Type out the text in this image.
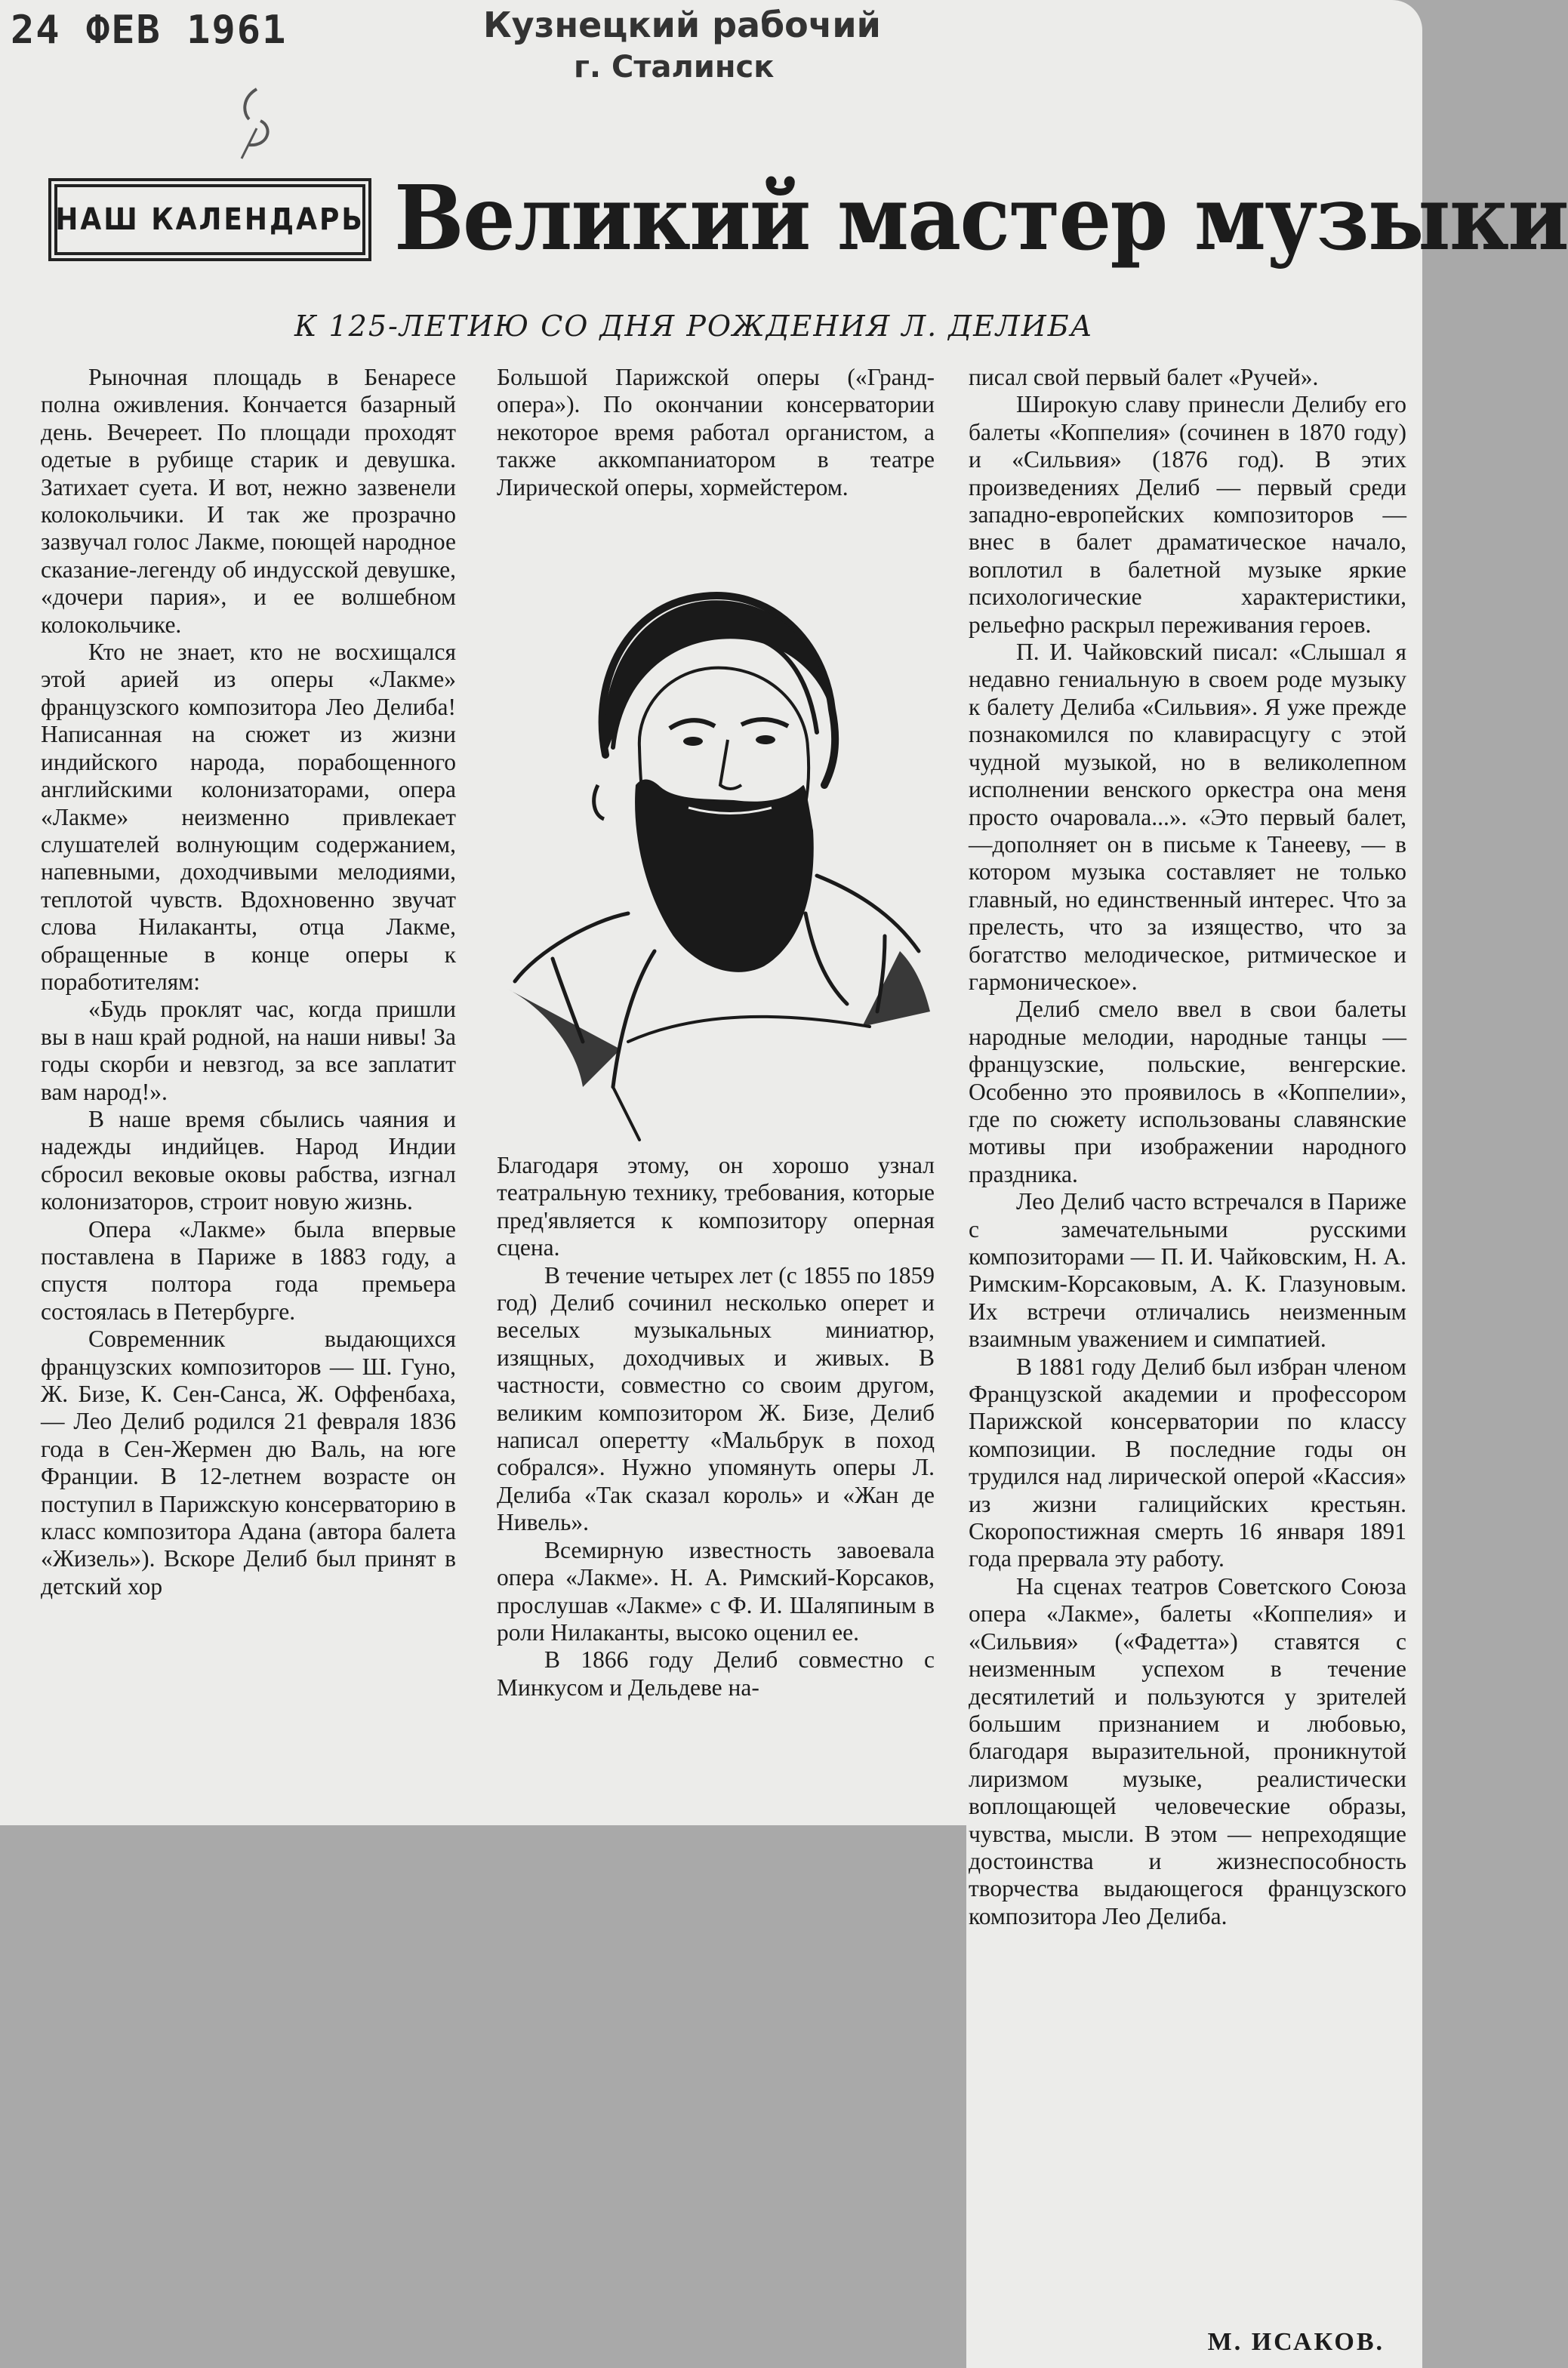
24 ФЕВ 1961	Кузнецкий рабочий
г. Сталинск
НАШ КАЛЕНДАРЬ Великий мастер музыки
К 125-ЛЕТИЮ СО ДНЯ РОЖДЕНИЯ Л. ДЕЛИБА

Рыночная площадь в Бенаресе полна оживления. Кончается базарный день. Вечереет. По площади проходят одетые в рубище старик и девушка. Затихает суета. И вот, нежно зазвенели колокольчики. И так же прозрачно зазвучал голос Лакме, поющей народное сказание-легенду об индусской девушке, «дочери пария», и ее волшебном колокольчике.

Кто не знает, кто не восхищался этой арией из оперы «Лакме» французского композитора Лео Делиба! Написанная на сюжет из жизни индийского народа, порабощенного английскими колонизаторами, опера «Лакме» неизменно привлекает слушателей волнующим содержанием, напевными, доходчивыми мелодиями, теплотой чувств. Вдохновенно звучат слова Нилаканты, отца Лакме, обращенные в конце оперы к поработителям:

«Будь проклят час, когда пришли вы в наш край родной, на наши нивы! За годы скорби и невзгод, за все заплатит вам народ!».

В наше время сбылись чаяния и надежды индийцев. Народ Индии сбросил вековые оковы рабства, изгнал колонизаторов, строит новую жизнь.

Опера «Лакме» была впервые поставлена в Париже в 1883 году, а спустя полтора года премьера состоялась в Петербурге.

Современник выдающихся французских композиторов — Ш. Гуно, Ж. Бизе, К. Сен-Санса, Ж. Оффенбаха, — Лео Делиб родился 21 февраля 1836 года в Сен-Жермен дю Валь, на юге Франции. В 12-летнем возрасте он поступил в Парижскую консерваторию в класс композитора Адана (автора балета «Жизель»). Вскоре Делиб был принят в детский хор

Большой Парижской оперы («Гранд-опера»). По окончании консерватории некоторое время работал органистом, а также аккомпаниатором в театре Лирической оперы, хормейстером.

Благодаря этому, он хорошо узнал театральную технику, требования, которые пред'является к композитору оперная сцена.

В течение четырех лет (с 1855 по 1859 год) Делиб сочинил несколько оперет и веселых музыкальных миниатюр, изящных, доходчивых и живых. В частности, совместно со своим другом, великим композитором Ж. Бизе, Делиб написал оперетту «Мальбрук в поход собрался». Нужно упомянуть оперы Л. Делиба «Так сказал король» и «Жан де Нивель».

Всемирную известность завоевала опера «Лакме». Н. А. Римский-Корсаков, прослушав «Лакме» с Ф. И. Шаляпиным в роли Нилаканты, высоко оценил ее.

В 1866 году Делиб совместно с Минкусом и Дельдеве на-

писал свой первый балет «Ручей».

Широкую славу принесли Делибу его балеты «Коппелия» (сочинен в 1870 году) и «Сильвия» (1876 год). В этих произведениях Делиб — первый среди западно-европейских композиторов — внес в балет драматическое начало, воплотил в балетной музыке яркие психологические характеристики, рельефно раскрыл переживания героев.

П. И. Чайковский писал: «Слышал я недавно гениальную в своем роде музыку к балету Делиба «Сильвия». Я уже прежде познакомился по клавирасцугу с этой чудной музыкой, но в великолепном исполнении венского оркестра она меня просто очаровала...». «Это первый балет,—дополняет он в письме к Танееву, — в котором музыка составляет не только главный, но единственный интерес. Что за прелесть, что за изящество, что за богатство мелодическое, ритмическое и гармоническое».

Делиб смело ввел в свои балеты народные мелодии, народные танцы — французские, польские, венгерские. Особенно это проявилось в «Коппелии», где по сюжету использованы славянские мотивы при изображении народного праздника.

Лео Делиб часто встречался в Париже с замечательными русскими композиторами — П. И. Чайковским, Н. А. Римским-Корсаковым, А. К. Глазуновым. Их встречи отличались неизменным взаимным уважением и симпатией.

В 1881 году Делиб был избран членом Французской академии и профессором Парижской консерватории по классу композиции. В последние годы он трудился над лирической оперой «Кассия» из жизни галицийских крестьян. Скоропостижная смерть 16 января 1891 года прервала эту работу.

На сценах театров Советского Союза опера «Лакме», балеты «Коппелия» и «Сильвия» («Фадетта») ставятся с неизменным успехом в течение десятилетий и пользуются у зрителей большим признанием и любовью, благодаря выразительной, проникнутой лиризмом музыке, реалистически воплощающей человеческие образы, чувства, мысли. В этом — непреходящие достоинства и жизнеспособность творчества выдающегося французского композитора Лео Делиба.

М. ИСАКОВ.
